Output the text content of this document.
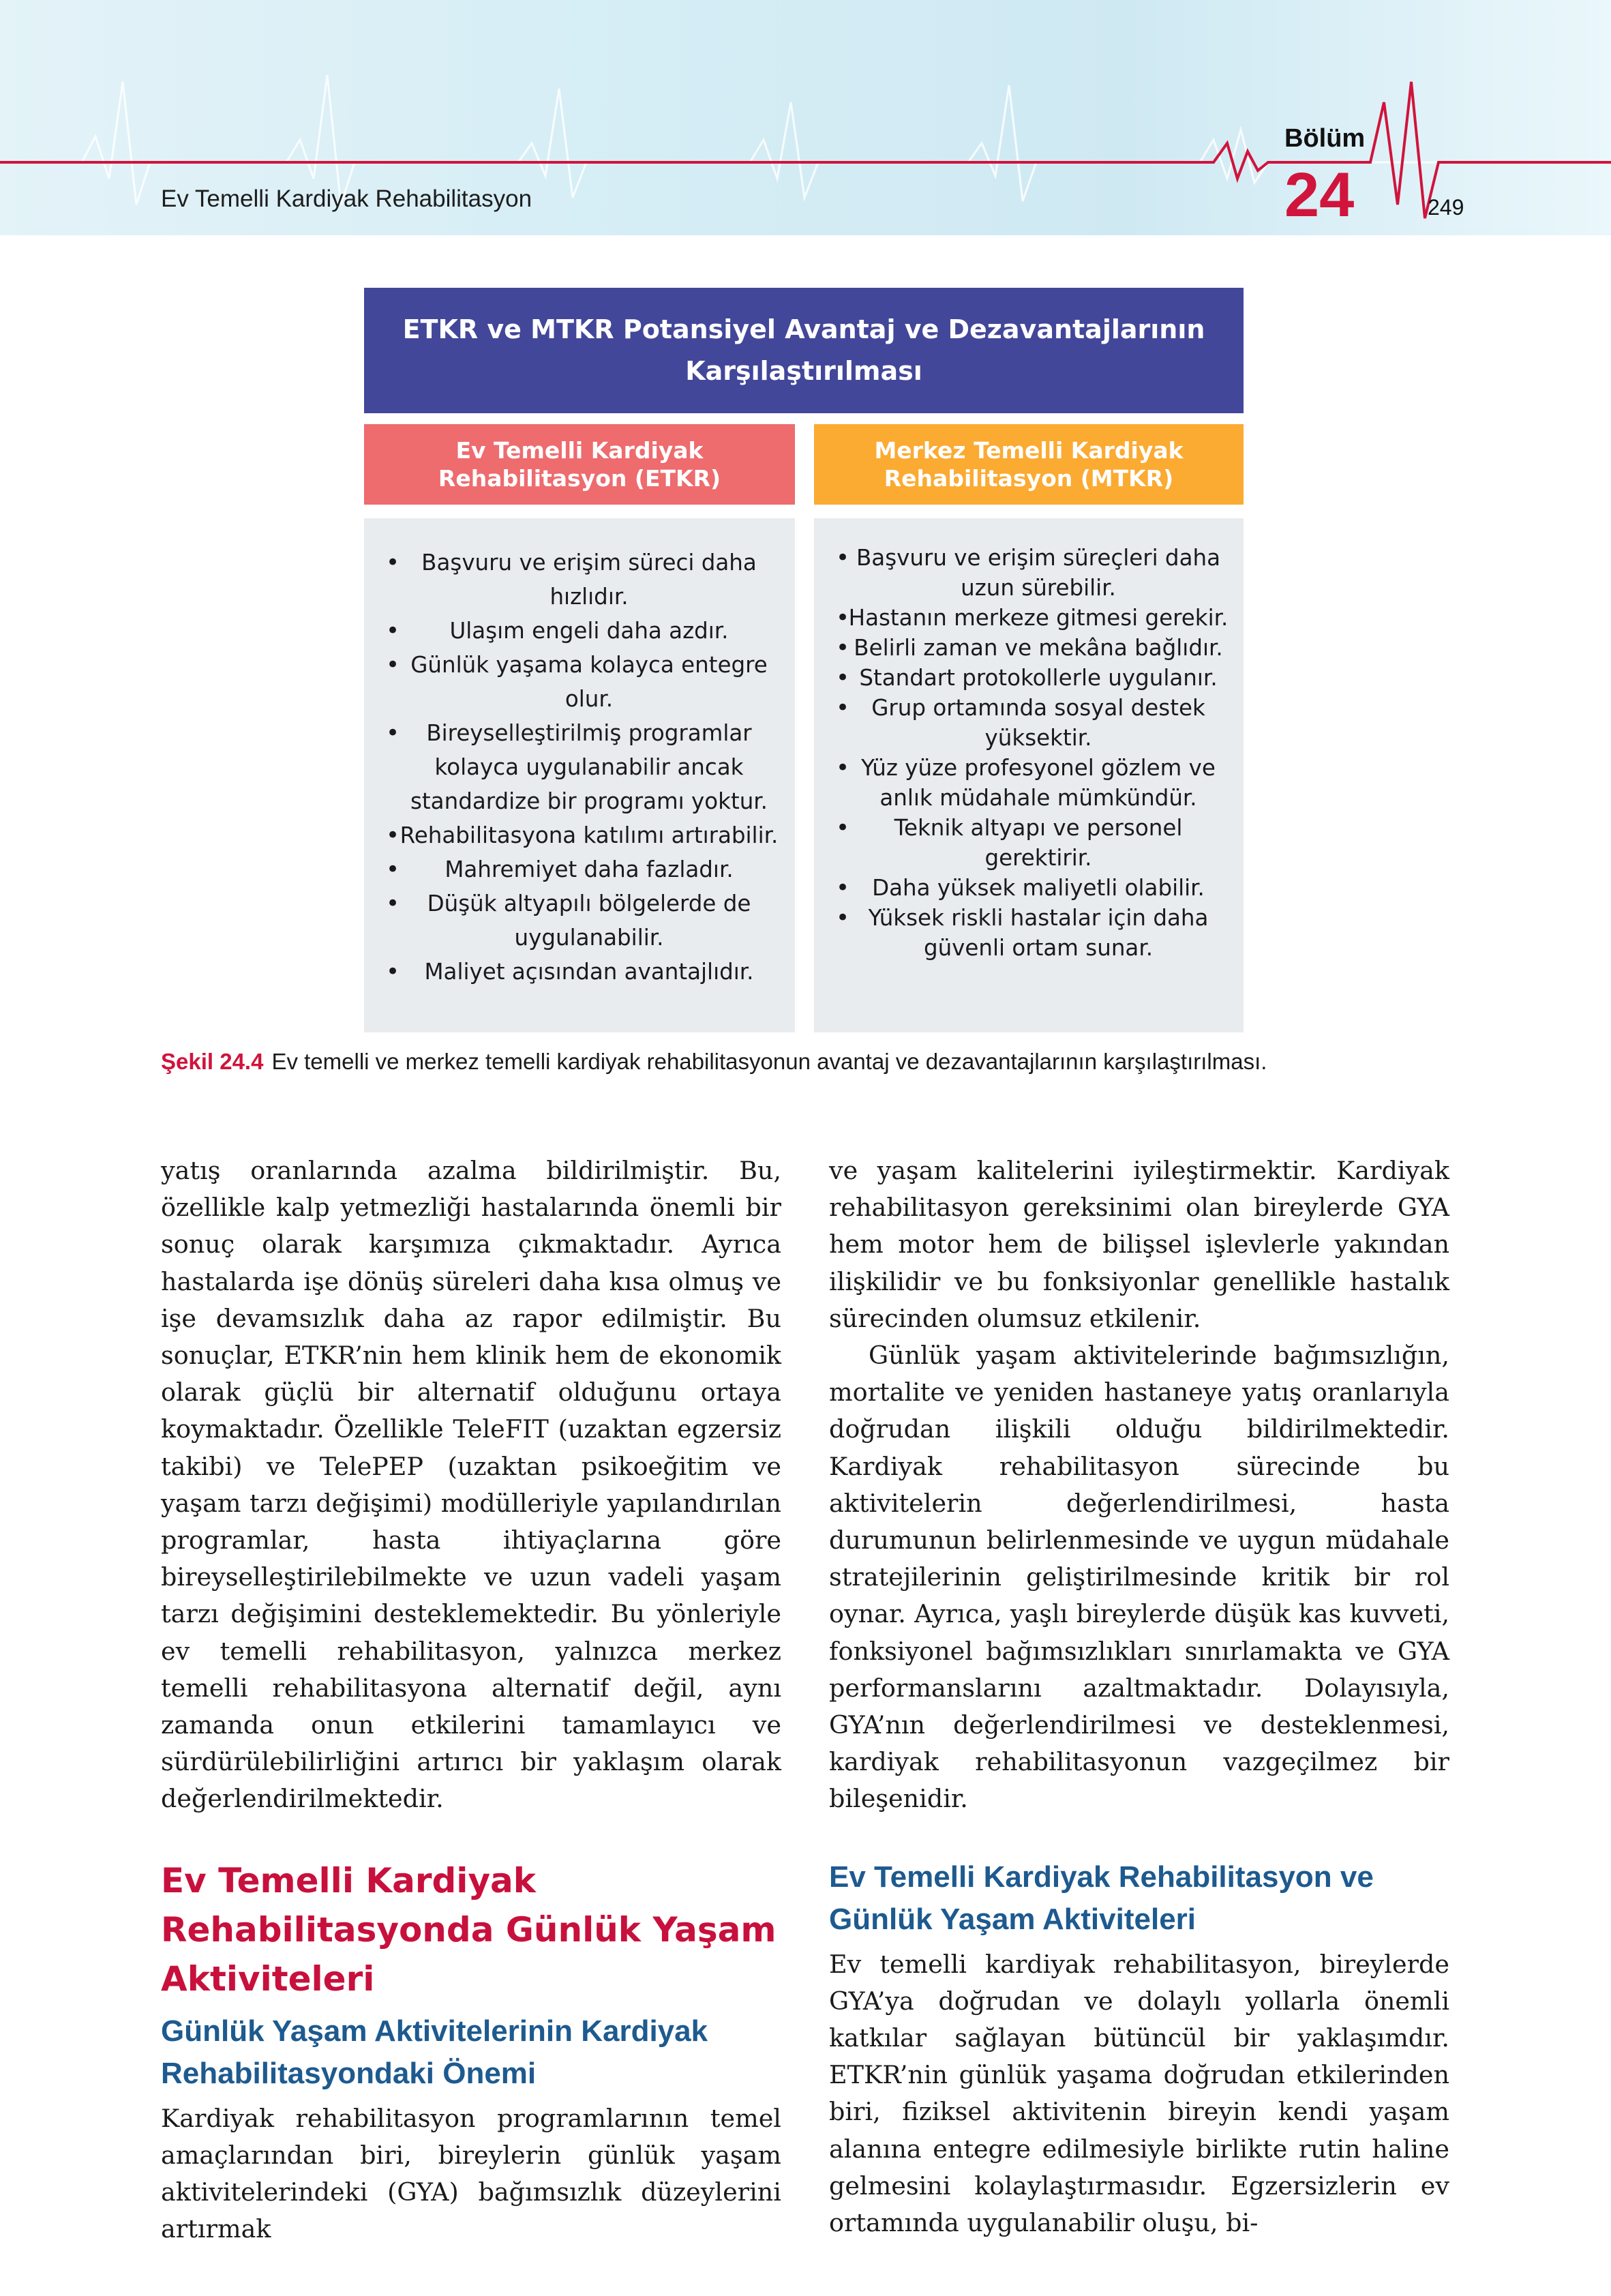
Ev Temelli Kardiyak Rehabilitasyon
Bölüm
24	249
ETKR ve MTKR Potansiyel Avantaj ve Dezavantajlarının Karşılaştırılması
Ev Temelli Kardiyak Rehabilitasyon (ETKR)
Merkez Temelli Kardiyak Rehabilitasyon (MTKR)
• Başvuru ve erişim süreci daha hızlıdır.
• Ulaşım engeli daha azdır.
• Günlük yaşama kolayca entegre olur.
• Bireyselleştirilmiş programlar kolayca uygulanabilir ancak standardize bir programı yoktur.
• Rehabilitasyona katılımı artırabilir.
• Mahremiyet daha fazladır.
• Düşük altyapılı bölgelerde de uygulanabilir.
• Maliyet açısından avantajlıdır.
• Başvuru ve erişim süreçleri daha uzun sürebilir.
• Hastanın merkeze gitmesi gerekir.
• Belirli zaman ve mekâna bağlıdır.
• Standart protokollerle uygulanır.
• Grup ortamında sosyal destek yüksektir.
• Yüz yüze profesyonel gözlem ve anlık müdahale mümkündür.
• Teknik altyapı ve personel gerektirir.
• Daha yüksek maliyetli olabilir.
• Yüksek riskli hastalar için daha güvenli ortam sunar.
Şekil 24.4 Ev temelli ve merkez temelli kardiyak rehabilitasyonun avantaj ve dezavantajlarının karşılaştırılması.

yatış oranlarında azalma bildirilmiştir. Bu, özellikle kalp yetmezliği hastalarında önemli bir sonuç olarak karşımıza çıkmaktadır. Ayrıca hastalarda işe dönüş süreleri daha kısa olmuş ve işe devamsızlık daha az rapor edilmiştir. Bu sonuçlar, ETKR’nin hem klinik hem de ekonomik olarak güçlü bir alternatif olduğunu ortaya koymaktadır. Özellikle TeleFIT (uzaktan egzersiz takibi) ve TelePEP (uzaktan psikoeğitim ve yaşam tarzı değişimi) modülleriyle yapılandırılan programlar, hasta ihtiyaçlarına göre bireyselleştirilebilmekte ve uzun vadeli yaşam tarzı değişimini desteklemektedir. Bu yönleriyle ev temelli rehabilitasyon, yalnızca merkez temelli rehabilitasyona alternatif değil, aynı zamanda onun etkilerini tamamlayıcı ve sürdürülebilirliğini artırıcı bir yaklaşım olarak değerlendirilmektedir.

Ev Temelli Kardiyak Rehabilitasyonda Günlük Yaşam Aktiviteleri
Günlük Yaşam Aktivitelerinin Kardiyak Rehabilitasyondaki Önemi

Kardiyak rehabilitasyon programlarının temel amaçlarından biri, bireylerin günlük yaşam aktivitelerindeki (GYA) bağımsızlık düzeylerini artırmak

ve yaşam kalitelerini iyileştirmektir. Kardiyak rehabilitasyon gereksinimi olan bireylerde GYA hem motor hem de bilişsel işlevlerle yakından ilişkilidir ve bu fonksiyonlar genellikle hastalık sürecinden olumsuz etkilenir.

Günlük yaşam aktivitelerinde bağımsızlığın, mortalite ve yeniden hastaneye yatış oranlarıyla doğrudan ilişkili olduğu bildirilmektedir. Kardiyak rehabilitasyon sürecinde bu aktivitelerin değerlendirilmesi, hasta durumunun belirlenmesinde ve uygun müdahale stratejilerinin geliştirilmesinde kritik bir rol oynar. Ayrıca, yaşlı bireylerde düşük kas kuvveti, fonksiyonel bağımsızlıkları sınırlamakta ve GYA performanslarını azaltmaktadır. Dolayısıyla, GYA’nın değerlendirilmesi ve desteklenmesi, kardiyak rehabilitasyonun vazgeçilmez bir bileşenidir.

Ev Temelli Kardiyak Rehabilitasyon ve Günlük Yaşam Aktiviteleri

Ev temelli kardiyak rehabilitasyon, bireylerde GYA’ya doğrudan ve dolaylı yollarla önemli katkılar sağlayan bütüncül bir yaklaşımdır. ETKR’nin günlük yaşama doğrudan etkilerinden biri, fiziksel aktivitenin bireyin kendi yaşam alanına entegre edilmesiyle birlikte rutin haline gelmesini kolaylaştırmasıdır. Egzersizlerin ev ortamında uygulanabilir oluşu, bi-
